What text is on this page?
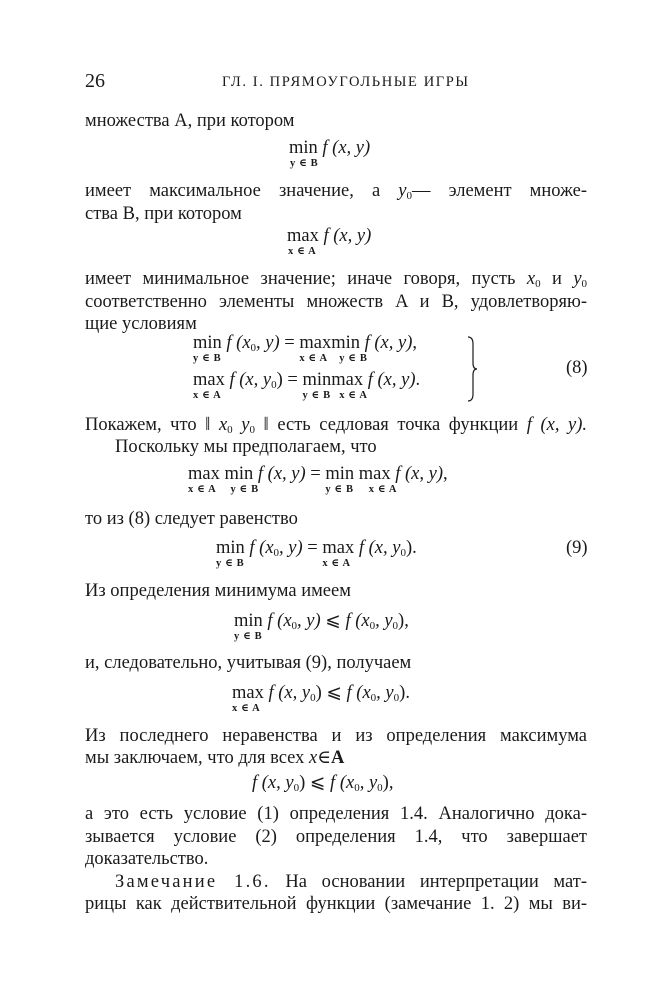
26	ГЛ. I. ПРЯМОУГОЛЬНЫЕ ИГРЫ
множества A, при котором
min
y ∈ B
f (x, y)
имеет максимальное значение, а y0— элемент множе-
ства B, при котором
max
x ∈ A
f (x, y)
имеет минимальное значение; иначе говоря, пусть x0 и y0
соответственно элементы множеств A и B, удовлетворяю-
щие условиям
min
y ∈ B
f (x0, y) = max
x ∈ A
min
y ∈ B
f (x, y),
max
x ∈ A
f (x, y0) = min
y ∈ B
max
x ∈ A
f (x, y).
(8)
Покажем, что ‖ x0 y0 ‖ есть седловая точка функции f (x, y).
Поскольку мы предполагаем, что
max
x ∈ A
min
y ∈ B
f (x, y) = min
y ∈ B
max
x ∈ A
f (x, y),
то из (8) следует равенство
min
y ∈ B
f (x0, y) = max
x ∈ A
f (x, y0).	(9)
Из определения минимума имеем
min
y ∈ B
f (x0, y) ⩽ f (x0, y0),
и, следовательно, учитывая (9), получаем
max
x ∈ A
f (x, y0) ⩽ f (x0, y0).
Из последнего неравенства и из определения максимума
мы заключаем, что для всех x∈A
f (x, y0) ⩽ f (x0, y0),
а это есть условие (1) определения 1.4. Аналогично дока-
зывается условие (2) определения 1.4, что завершает
доказательство.
Замечание 1.6. На основании интерпретации мат-
рицы как действительной функции (замечание 1. 2) мы ви-
